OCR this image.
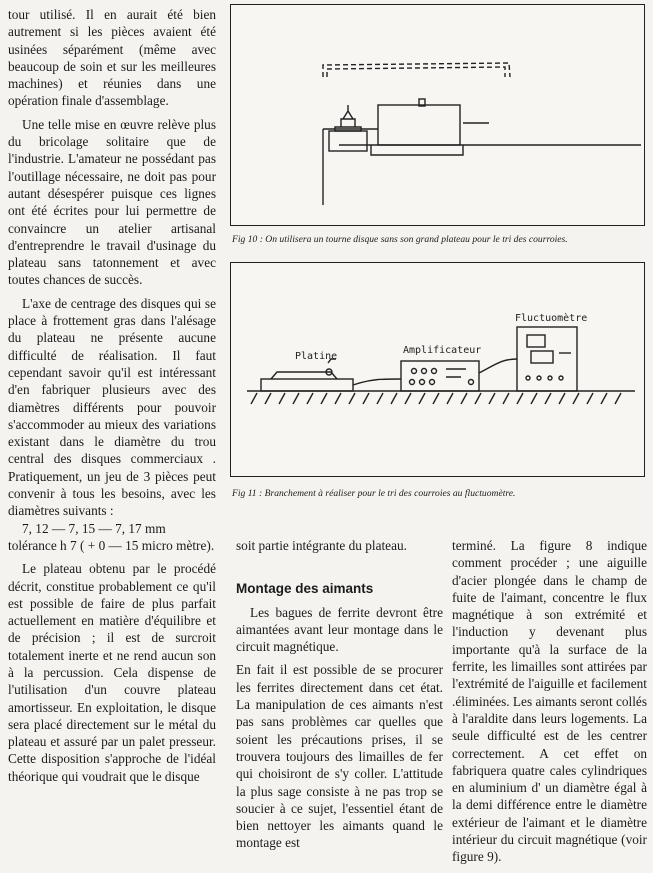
tour utilisé. Il en aurait été bien autrement si les pièces avaient été usinées séparément (même avec beaucoup de soin et sur les meilleures machines) et réunies dans une opération finale d'assemblage.

Une telle mise en œuvre relève plus du bricolage solitaire que de l'industrie. L'amateur ne possédant pas l'outillage nécessaire, ne doit pas pour autant désespérer puisque ces lignes ont été écrites pour lui permettre de convaincre un atelier artisanal d'entreprendre le travail d'usinage du plateau sans tatonnement et avec toutes chances de succès.

L'axe de centrage des disques qui se place à frottement gras dans l'alésage du plateau ne présente aucune difficulté de réalisation. Il faut cependant savoir qu'il est intéressant d'en fabriquer plusieurs avec des diamètres différents pour pouvoir s'accommoder au mieux des variations existant dans le diamètre du trou central des disques commerciaux . Pratiquement, un jeu de 3 pièces peut convenir à tous les besoins, avec les diamètres suivants :
7, 12 — 7, 15 — 7, 17 mm tolérance h 7 ( + 0 — 15 micro mètre).

Le plateau obtenu par le procédé décrit, constitue probablement ce qu'il est possible de faire de plus parfait actuellement en matière d'équilibre et de précision ; il est de surcroit totalement inerte et ne rend aucun son à la percussion. Cela dispense de l'utilisation d'un couvre plateau amortisseur. En exploitation, le disque sera placé directement sur le métal du plateau et assuré par un palet presseur. Cette disposition s'approche de l'idéal théorique qui voudrait que le disque

Fig 10 : On utilisera un tourne disque sans son grand plateau pour le tri des courroies.
Platine
Amplificateur
Fluctuomètre
Fig 11 : Branchement à réaliser pour le tri des courroies au fluctuomètre.

soit partie intégrante du plateau.

Montage des aimants

Les bagues de ferrite devront être aimantées avant leur montage dans le circuit magnétique.

En fait il est possible de se procurer les ferrites directement dans cet état. La manipulation de ces aimants n'est pas sans problèmes car quelles que soient les précautions prises, il se trouvera toujours des limailles de fer qui choisiront de s'y coller. L'attitude la plus sage consiste à ne pas trop se soucier à ce sujet, l'essentiel étant de bien nettoyer les aimants quand le montage est

terminé. La figure 8 indique comment procéder ; une aiguille d'acier plongée dans le champ de fuite de l'aimant, concentre le flux magnétique à son extrémité et l'induction y devenant plus importante qu'à la surface de la ferrite, les limailles sont attirées par l'extrémité de l'aiguille et facilement .éliminées. Les aimants seront collés à l'araldite dans leurs logements. La seule difficulté est de les centrer correctement. A cet effet on fabriquera quatre cales cylindriques en aluminium d' un diamètre égal à la demi différence entre le diamètre extérieur de l'aimant et le diamètre intérieur du circuit magnétique (voir figure 9).
